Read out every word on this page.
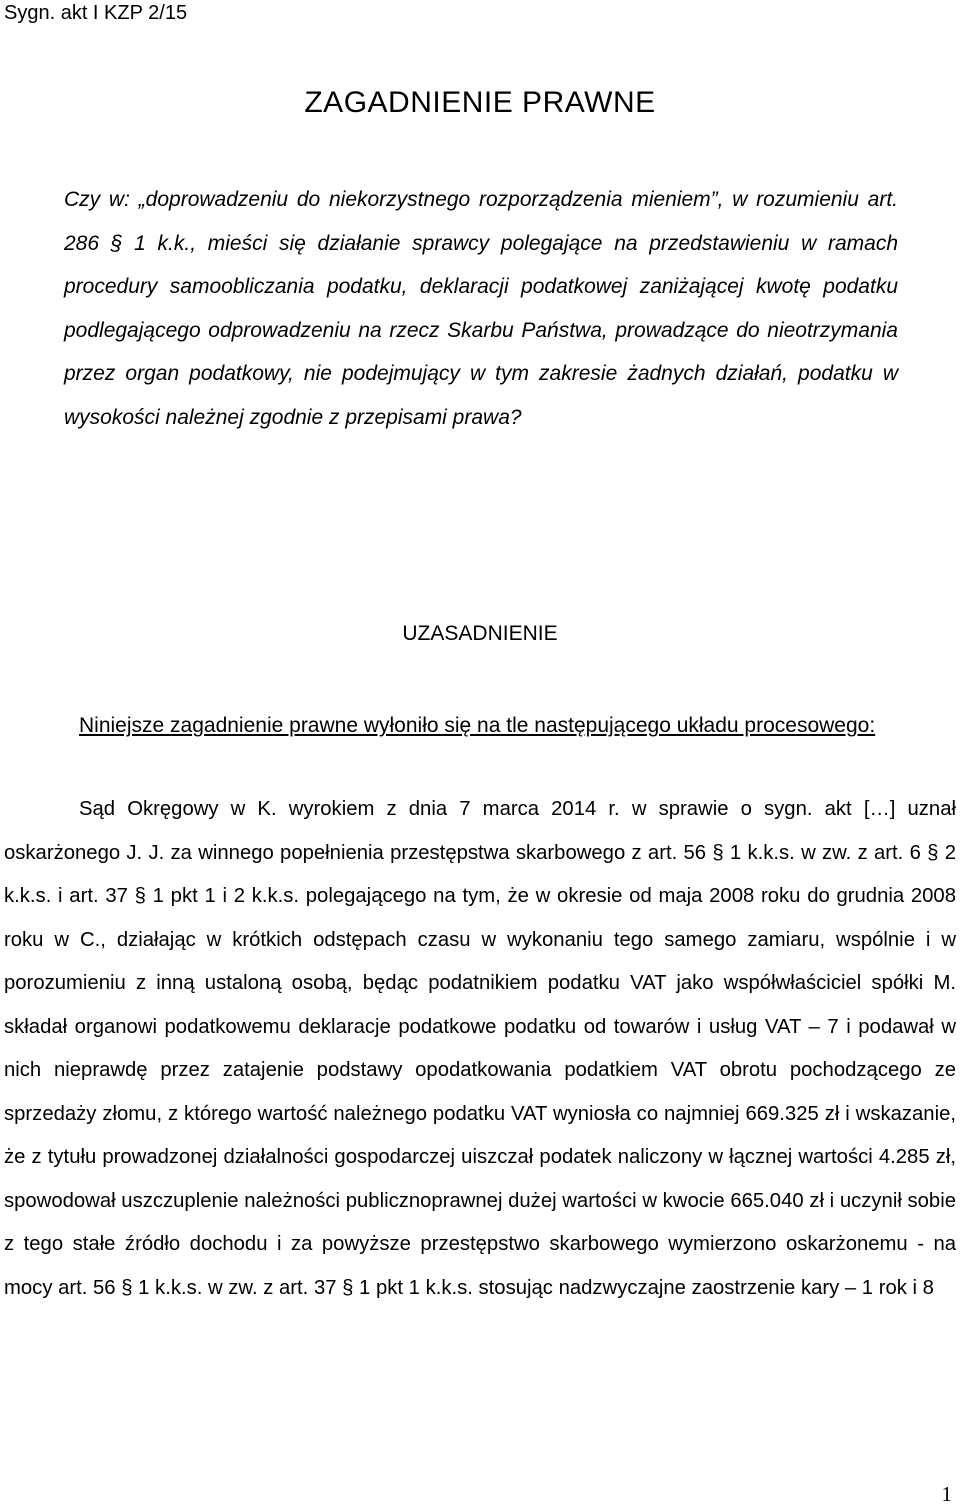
Sygn. akt I KZP 2/15
ZAGADNIENIE PRAWNE

Czy w: „doprowadzeniu do niekorzystnego rozporządzenia mieniem”, w rozumieniu art. 286 § 1 k.k., mieści się działanie sprawcy polegające na przedstawieniu w ramach procedury samoobliczania podatku, deklaracji podatkowej zaniżającej kwotę podatku podlegającego odprowadzeniu na rzecz Skarbu Państwa, prowadzące do nieotrzymania przez organ podatkowy, nie podejmujący w tym zakresie żadnych działań, podatku w wysokości należnej zgodnie z przepisami prawa?

UZASADNIENIE

Niniejsze zagadnienie prawne wyłoniło się na tle następującego układu procesowego:

Sąd Okręgowy w K. wyrokiem z dnia 7 marca 2014 r. w sprawie o sygn. akt […] uznał oskarżonego J. J. za winnego popełnienia przestępstwa skarbowego z art. 56 § 1 k.k.s. w zw. z art. 6 § 2 k.k.s. i art. 37 § 1 pkt 1 i 2 k.k.s. polegającego na tym, że w okresie od maja 2008 roku do grudnia 2008 roku w C., działając w krótkich odstępach czasu w wykonaniu tego samego zamiaru, wspólnie i w porozumieniu z inną ustaloną osobą, będąc podatnikiem podatku VAT jako współwłaściciel spółki M. składał organowi podatkowemu deklaracje podatkowe podatku od towarów i usług VAT – 7 i podawał w nich nieprawdę przez zatajenie podstawy opodatkowania podatkiem VAT obrotu pochodzącego ze sprzedaży złomu, z którego wartość należnego podatku VAT wyniosła co najmniej 669.325 zł i wskazanie, że z tytułu prowadzonej działalności gospodarczej uiszczał podatek naliczony w łącznej wartości 4.285 zł, spowodował uszczuplenie należności publicznoprawnej dużej wartości w kwocie 665.040 zł i uczynił sobie z tego stałe źródło dochodu i za powyższe przestępstwo skarbowego wymierzono oskarżonemu - na mocy art. 56 § 1 k.k.s. w zw. z art. 37 § 1 pkt 1 k.k.s. stosując nadzwyczajne zaostrzenie kary – 1 rok i 8

1
